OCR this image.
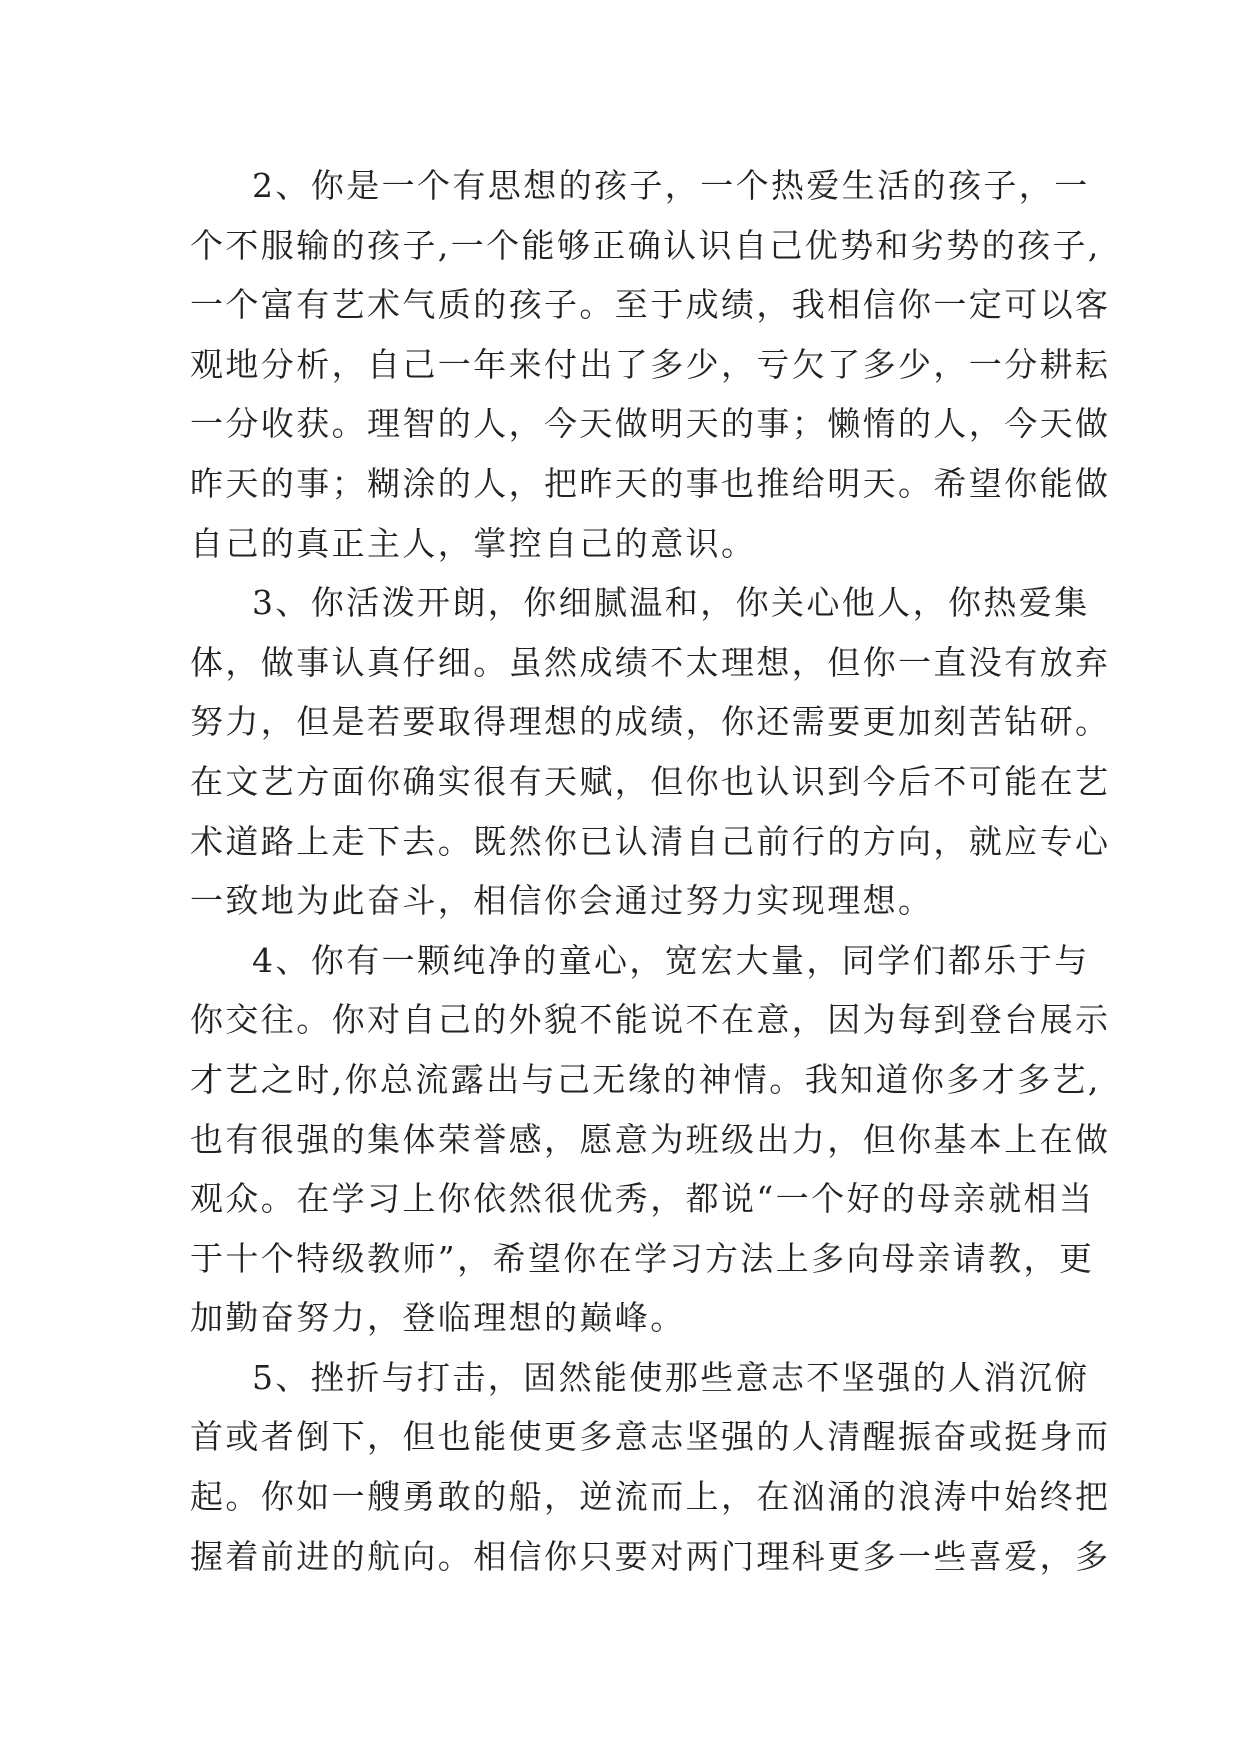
2、你是一个有思想的孩子，一个热爱生活的孩子，一
个不服输的孩子,一个能够正确认识自己优势和劣势的孩子,
一个富有艺术气质的孩子。至于成绩，我相信你一定可以客
观地分析，自己一年来付出了多少，亏欠了多少，一分耕耘
一分收获。理智的人，今天做明天的事；懒惰的人，今天做
昨天的事；糊涂的人，把昨天的事也推给明天。希望你能做
自己的真正主人，掌控自己的意识。
3、你活泼开朗，你细腻温和，你关心他人，你热爱集
体，做事认真仔细。虽然成绩不太理想，但你一直没有放弃
努力，但是若要取得理想的成绩，你还需要更加刻苦钻研。
在文艺方面你确实很有天赋，但你也认识到今后不可能在艺
术道路上走下去。既然你已认清自己前行的方向，就应专心
一致地为此奋斗，相信你会通过努力实现理想。
4、你有一颗纯净的童心，宽宏大量，同学们都乐于与
你交往。你对自己的外貌不能说不在意，因为每到登台展示
才艺之时,你总流露出与己无缘的神情。我知道你多才多艺,
也有很强的集体荣誉感，愿意为班级出力，但你基本上在做
观众。在学习上你依然很优秀，都说“一个好的母亲就相当
于十个特级教师”，希望你在学习方法上多向母亲请教，更
加勤奋努力，登临理想的巅峰。
5、挫折与打击，固然能使那些意志不坚强的人消沉俯
首或者倒下，但也能使更多意志坚强的人清醒振奋或挺身而
起。你如一艘勇敢的船，逆流而上，在汹涌的浪涛中始终把
握着前进的航向。相信你只要对两门理科更多一些喜爱，多
